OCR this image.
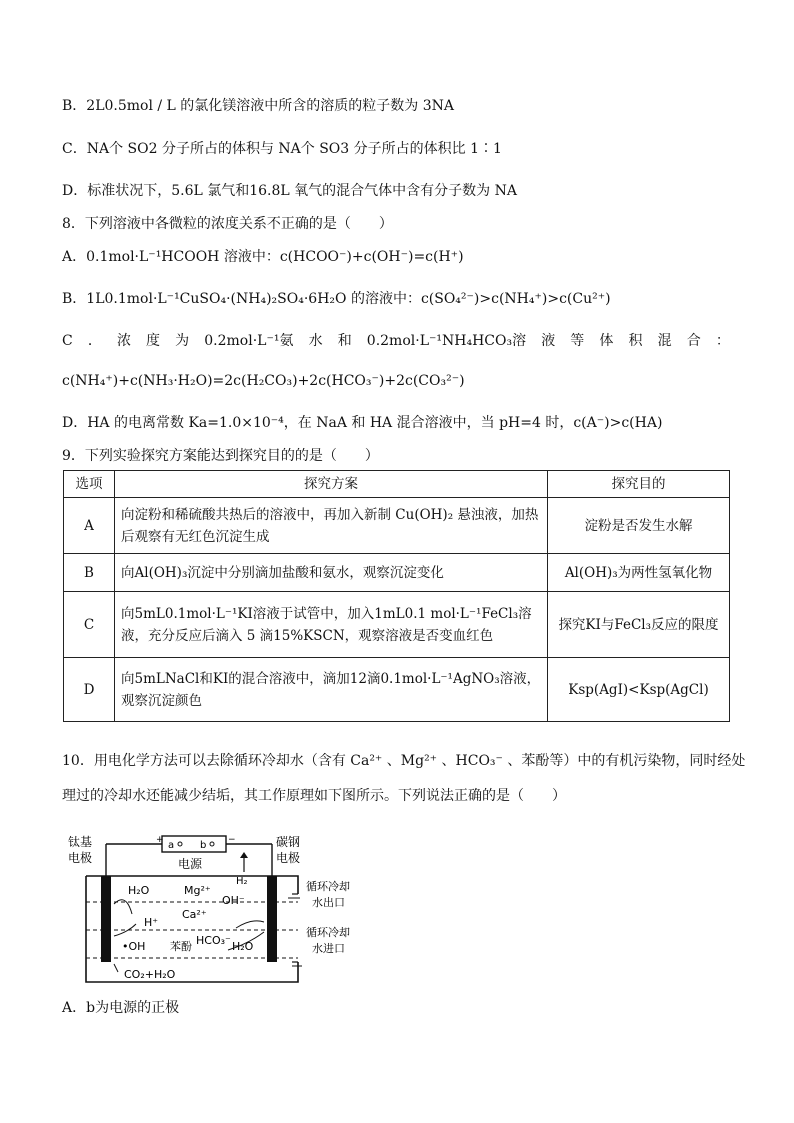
B．2L0.5mol / L 的氯化镁溶液中所含的溶质的粒子数为 3NA
C．NA个 SO2 分子所占的体积与 NA个 SO3 分子所占的体积比 1∶1
D．标准状况下，5.6L 氯气和16.8L 氧气的混合气体中含有分子数为 NA
8．下列溶液中各微粒的浓度关系不正确的是（　　）
A．0.1mol·L⁻¹HCOOH 溶液中：c(HCOO⁻)+c(OH⁻)=c(H⁺)
B．1L0.1mol·L⁻¹CuSO₄·(NH₄)₂SO₄·6H₂O 的溶液中：c(SO₄²⁻)>c(NH₄⁺)>c(Cu²⁺)
C ． 浓 度 为 0.2mol·L⁻¹氨 水 和 0.2mol·L⁻¹NH₄HCO₃溶 液 等 体 积 混 合 ：
c(NH₄⁺)+c(NH₃·H₂O)=2c(H₂CO₃)+2c(HCO₃⁻)+2c(CO₃²⁻)
D．HA 的电离常数 Ka=1.0×10⁻⁴，在 NaA 和 HA 混合溶液中，当 pH=4 时，c(A⁻)>c(HA)
9．下列实验探究方案能达到探究目的的是（　　）
选项	探究方案	探究目的
A	向淀粉和稀硫酸共热后的溶液中，再加入新制 Cu(OH)₂ 悬浊液，加热后观察有无红色沉淀生成	淀粉是否发生水解
B	向Al(OH)₃沉淀中分别滴加盐酸和氨水，观察沉淀变化	Al(OH)₃为两性氢氧化物
C	向5mL0.1mol·L⁻¹KI溶液于试管中，加入1mL0.1 mol·L⁻¹FeCl₃溶液，充分反应后滴入 5 滴15%KSCN，观察溶液是否变血红色	探究KI与FeCl₃反应的限度
D	向5mLNaCl和KI的混合溶液中，滴加12滴0.1mol·L⁻¹AgNO₃溶液，观察沉淀颜色	Ksp(AgI)<Ksp(AgCl)
10．用电化学方法可以去除循环冷却水（含有 Ca²⁺ 、Mg²⁺ 、HCO₃⁻ 、苯酚等）中的有机污染物，同时经处
理过的冷却水还能减少结垢，其工作原理如下图所示。下列说法正确的是（　　）
a	b
+	−
电源
钛基
电极
碳钢
电极
H₂
H₂O	Mg²⁺
OH⁻
Ca²⁺
H⁺
•OH 苯酚 HCO₃⁻ H₂O
CO₂+H₂O
循环冷却
水出口
循环冷却
水进口
A．b为电源的正极
